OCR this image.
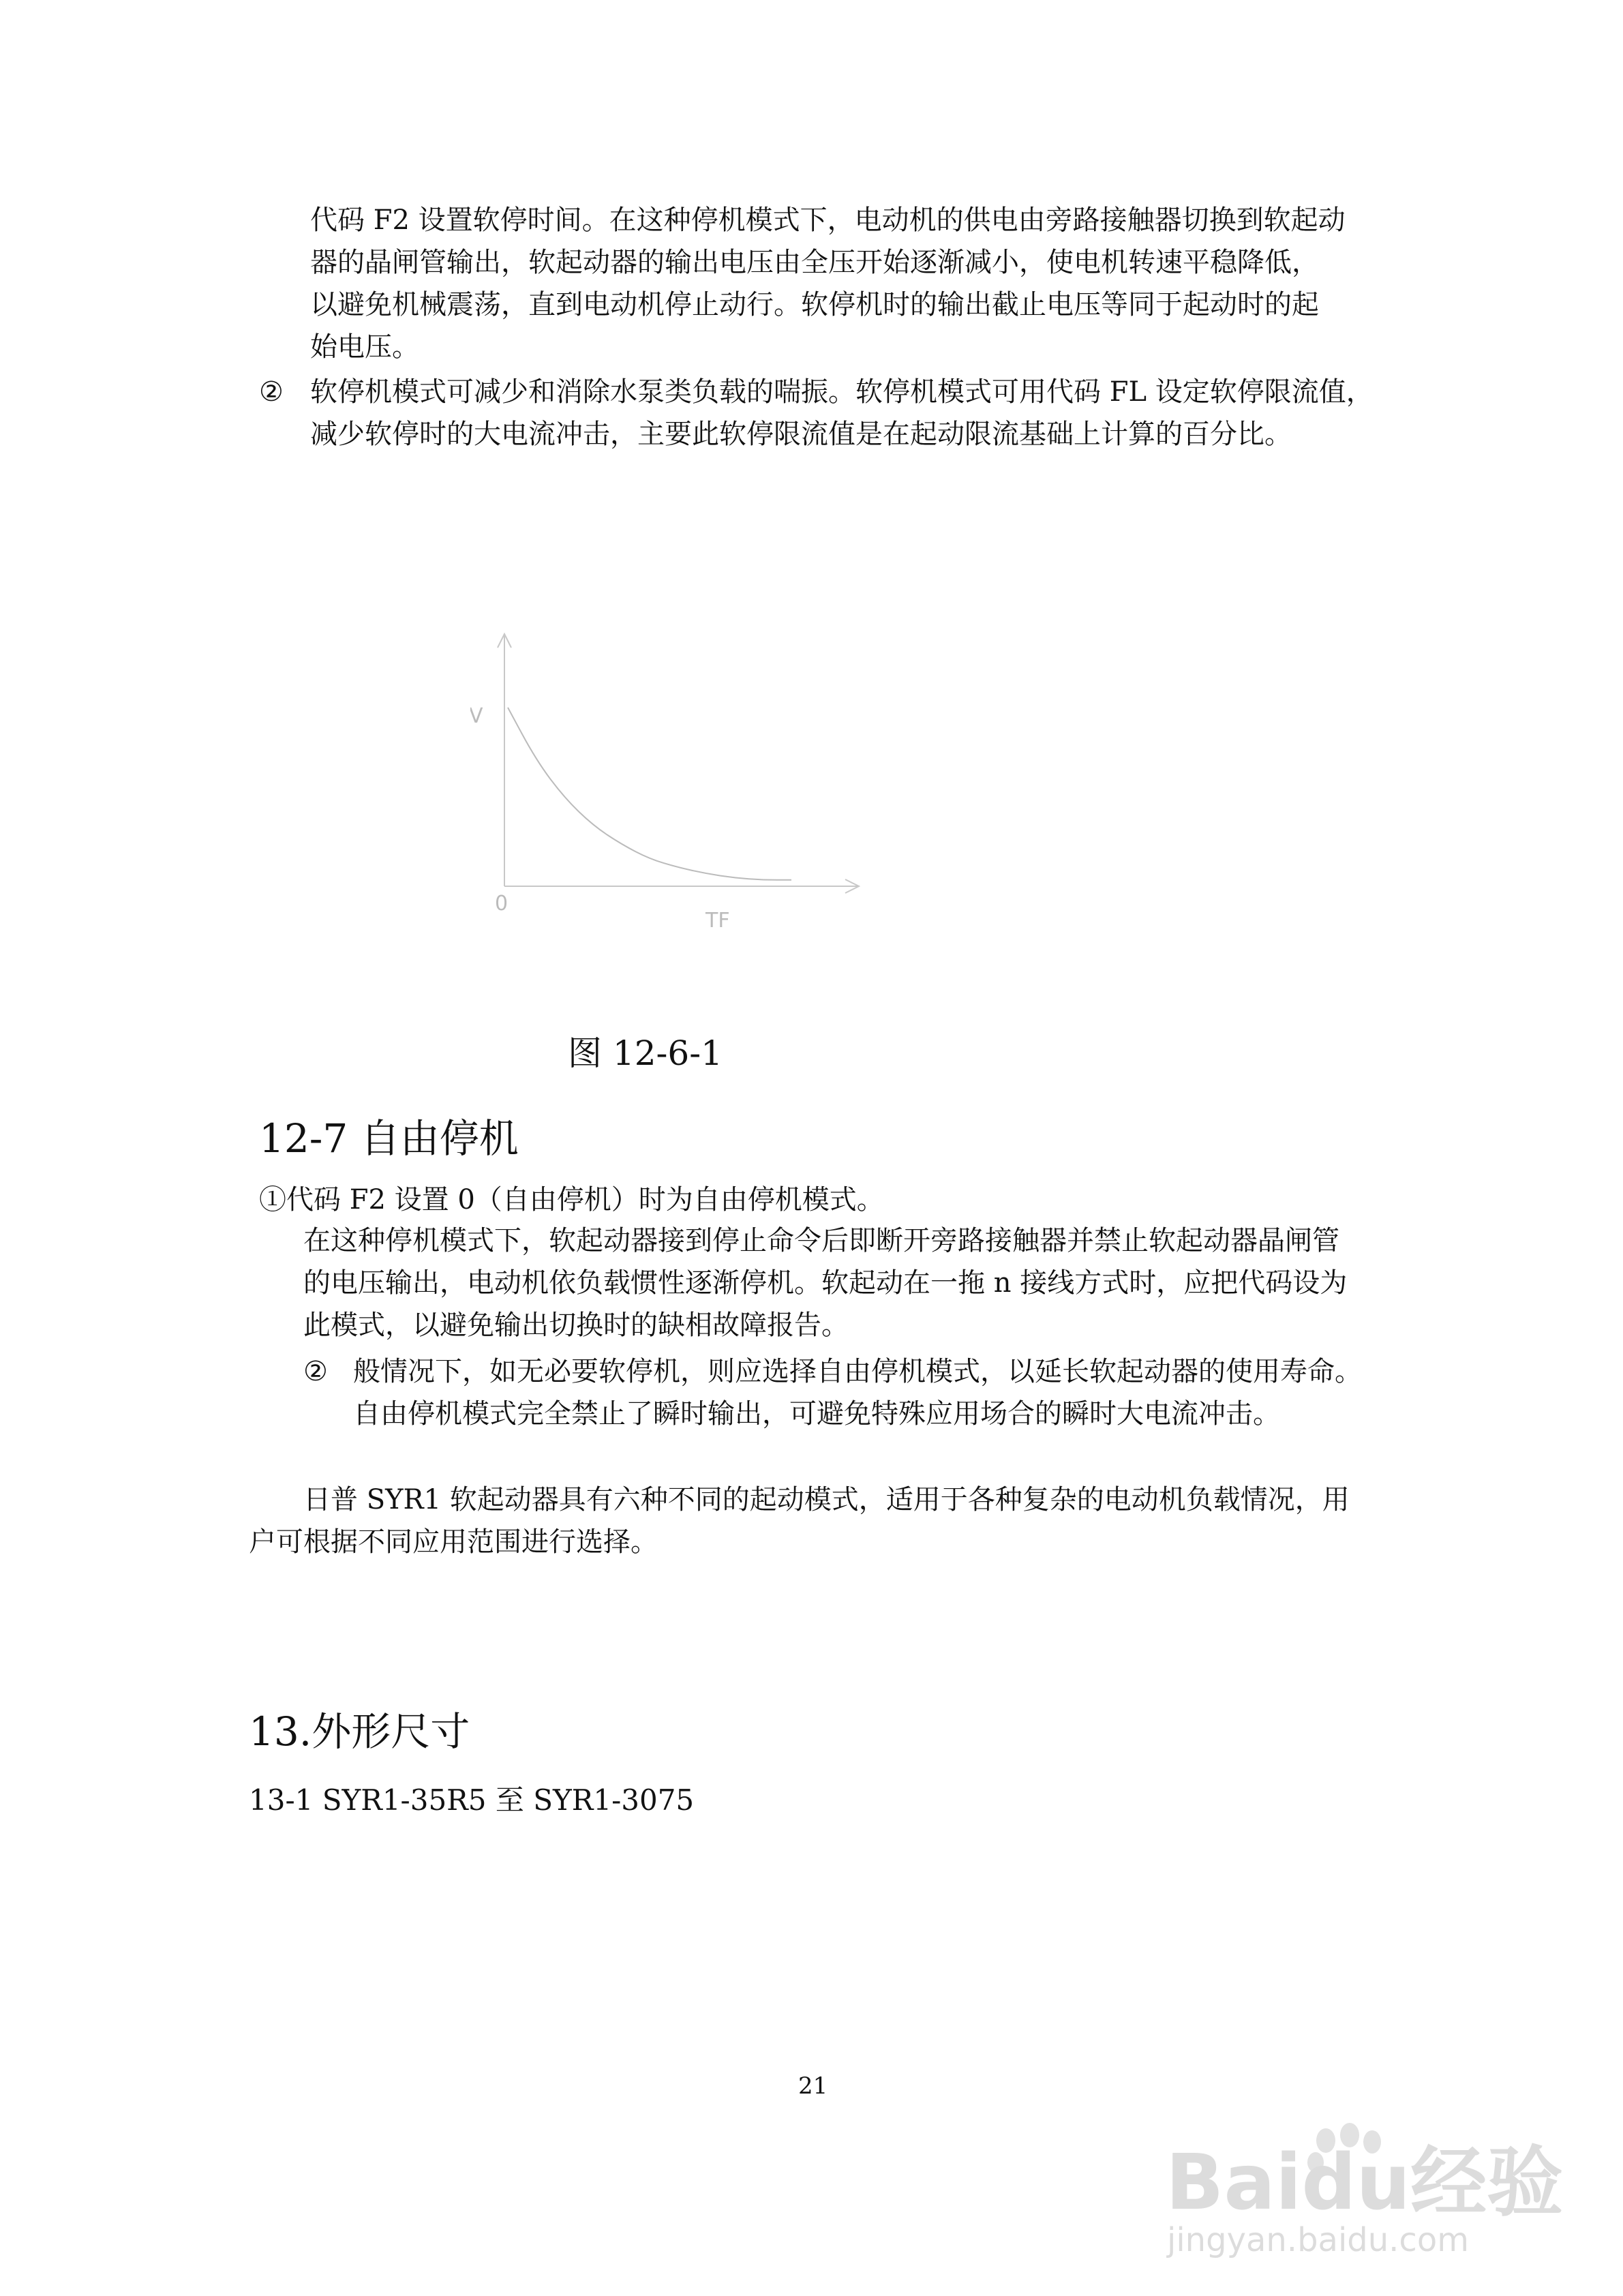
代码 F2 设置软停时间。在这种停机模式下，电动机的供电由旁路接触器切换到软起动
器的晶闸管输出，软起动器的输出电压由全压开始逐渐减小，使电机转速平稳降低，
以避免机械震荡，直到电动机停止动行。软停机时的输出截止电压等同于起动时的起
始电压。
② 软停机模式可减少和消除水泵类负载的喘振。软停机模式可用代码 FL 设定软停限流值，
减少软停时的大电流冲击，主要此软停限流值是在起动限流基础上计算的百分比。
V
0
TF
图 12-6-1
12-7 自由停机
①代码 F2 设置 0（自由停机）时为自由停机模式。
在这种停机模式下，软起动器接到停止命令后即断开旁路接触器并禁止软起动器晶闸管
的电压输出，电动机依负载惯性逐渐停机。软起动在一拖 n 接线方式时，应把代码设为
此模式，以避免输出切换时的缺相故障报告。
② 般情况下，如无必要软停机，则应选择自由停机模式，以延长软起动器的使用寿命。
自由停机模式完全禁止了瞬时输出，可避免特殊应用场合的瞬时大电流冲击。
日普 SYR1 软起动器具有六种不同的起动模式，适用于各种复杂的电动机负载情况，用
户可根据不同应用范围进行选择。
13.外形尺寸
13-1 SYR1-35R5 至 SYR1-3075
21
Baidu经验
jingyan.baidu.com
